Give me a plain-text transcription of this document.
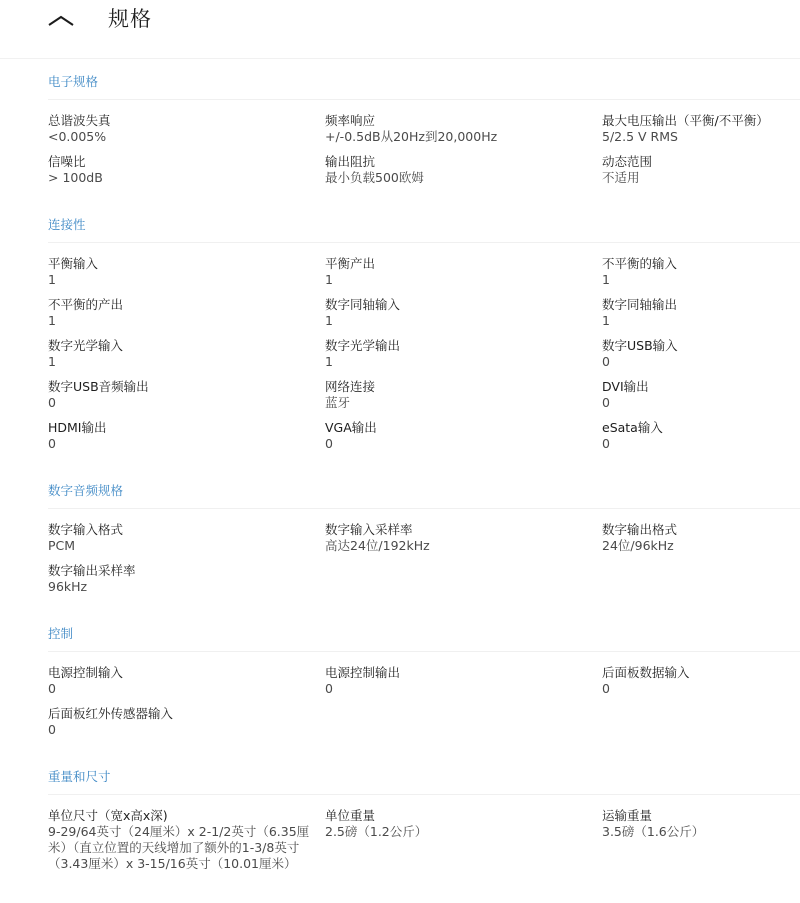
规格
电子规格
总谐波失真
<0.005%
频率响应
+/-0.5dB从20Hz到20,000Hz
最大电压输出（平衡/不平衡）
5/2.5 V RMS
信噪比
> 100dB
输出阻抗
最小负载500欧姆
动态范围
不适用
连接性
平衡输入
1
平衡产出
1
不平衡的输入
1
不平衡的产出
1
数字同轴输入
1
数字同轴输出
1
数字光学输入
1
数字光学输出
1
数字USB输入
0
数字USB音频输出
0
网络连接
蓝牙
DVI输出
0
HDMI输出
0
VGA输出
0
eSata输入
0
数字音频规格
数字输入格式
PCM
数字输入采样率
高达24位/192kHz
数字输出格式
24位/96kHz
数字输出采样率
96kHz
控制
电源控制输入
0
电源控制输出
0
后面板数据输入
0
后面板红外传感器输入
0
重量和尺寸
单位尺寸（宽x高x深)
9-29/64英寸（24厘米）x 2-1/2英寸（6.35厘米）（直立位置的天线增加了额外的1-3/8英寸（3.43厘米）x 3-15/16英寸（10.01厘米）
单位重量
2.5磅（1.2公斤）
运输重量
3.5磅（1.6公斤）
